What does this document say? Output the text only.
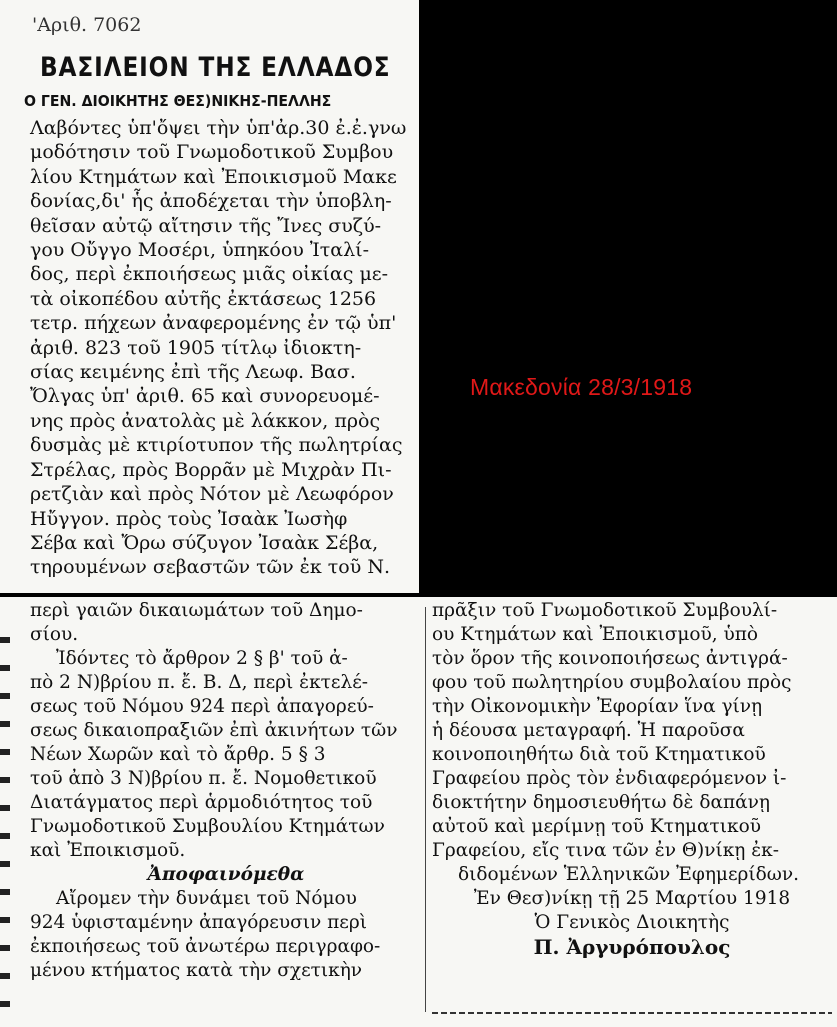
'Αριθ. 7062
ΒΑΣΙΛΕΙΟΝ ΤΗΣ ΕΛΛΑΔΟΣ
Ο ΓΕΝ. ΔΙΟΙΚΗΤΗΣ ΘΕΣ)ΝΙΚΗΣ-ΠΕΛΛΗΣ
Λαβόντες ὑπ'ὄψει τὴν ὑπ'ἀρ.30 ἐ.ἐ.γνω
μοδότησιν τοῦ Γνωμοδοτικοῦ Συμβου
λίου Κτημάτων καὶ Ἐποικισμοῦ Μακε
δονίας,δι' ἧς ἀποδέχεται τὴν ὑποβλη-
θεῖσαν αὐτῷ αἴτησιν τῆς Ἴνες συζύ-
γου Οὔγγο Μοσέρι, ὑπηκόου Ἰταλί-
δος, περὶ ἐκποιήσεως μιᾶς οἰκίας με-
τὰ οἰκοπέδου αὐτῆς ἐκτάσεως 1256
τετρ. πήχεων ἀναφερομένης ἐν τῷ ὑπ'
ἀριθ. 823 τοῦ 1905 τίτλῳ ἰδιοκτη-
σίας κειμένης ἐπὶ τῆς Λεωφ. Βασ.
Ὄλγας ὑπ' ἀριθ. 65 καὶ συνορευομέ-
νης πρὸς ἀνατολὰς μὲ λάκκον, πρὸς
δυσμὰς μὲ κτιρίοτυπον τῆς πωλητρίας
Στρέλας, πρὸς Βορρᾶν μὲ Μιχρὰν Πι-
ρετζιὰν καὶ πρὸς Νότον μὲ Λεωφόρον
Ηὔγγον. πρὸς τοὺς Ἰσαὰκ Ἰωσὴφ
Σέβα καὶ Ὄρω σύζυγον Ἰσαὰκ Σέβα,
τηρουμένων σεβαστῶν τῶν ἐκ τοῦ Ν.
Μακεδονία 28/3/1918
περὶ γαιῶν δικαιωμάτων τοῦ Δημο-
σίου.
Ἰδόντες τὸ ἄρθρον 2 § β' τοῦ ἀ-
πὸ 2 Ν)βρίου π. ἔ. Β. Δ, περὶ ἐκτελέ-
σεως τοῦ Νόμου 924 περὶ ἀπαγορεύ-
σεως δικαιοπραξιῶν ἐπὶ ἀκινήτων τῶν
Νέων Χωρῶν καὶ τὸ ἄρθρ. 5 § 3
τοῦ ἀπὸ 3 Ν)βρίου π. ἔ. Νομοθετικοῦ
Διατάγματος περὶ ἁρμοδιότητος τοῦ
Γνωμοδοτικοῦ Συμβουλίου Κτημάτων
καὶ Ἐποικισμοῦ.
Ἀποφαινόμεθα
Αἴρομεν τὴν δυνάμει τοῦ Νόμου
924 ὑφισταμένην ἀπαγόρευσιν περὶ
ἐκποιήσεως τοῦ ἀνωτέρω περιγραφο-
μένου κτήματος κατὰ τὴν σχετικὴν
πρᾶξιν τοῦ Γνωμοδοτικοῦ Συμβουλί-
ου Κτημάτων καὶ Ἐποικισμοῦ, ὑπὸ
τὸν ὅρον τῆς κοινοποιήσεως ἀντιγρά-
φου τοῦ πωλητηρίου συμβολαίου πρὸς
τὴν Οἰκονομικὴν Ἐφορίαν ἵνα γίνῃ
ἡ δέουσα μεταγραφή. Ἡ παροῦσα
κοινοποιηθήτω διὰ τοῦ Κτηματικοῦ
Γραφείου πρὸς τὸν ἐνδιαφερόμενον ἰ-
διοκτήτην δημοσιευθήτω δὲ δαπάνῃ
αὐτοῦ καὶ μερίμνῃ τοῦ Κτηματικοῦ
Γραφείου, εἴς τινα τῶν ἐν Θ)νίκῃ ἐκ-
διδομένων Ἑλληνικῶν Ἐφημερίδων.
Ἐν Θεσ)νίκῃ τῇ 25 Μαρτίου 1918
Ὁ Γενικὸς Διοικητὴς
Π. Ἀργυρόπουλος
